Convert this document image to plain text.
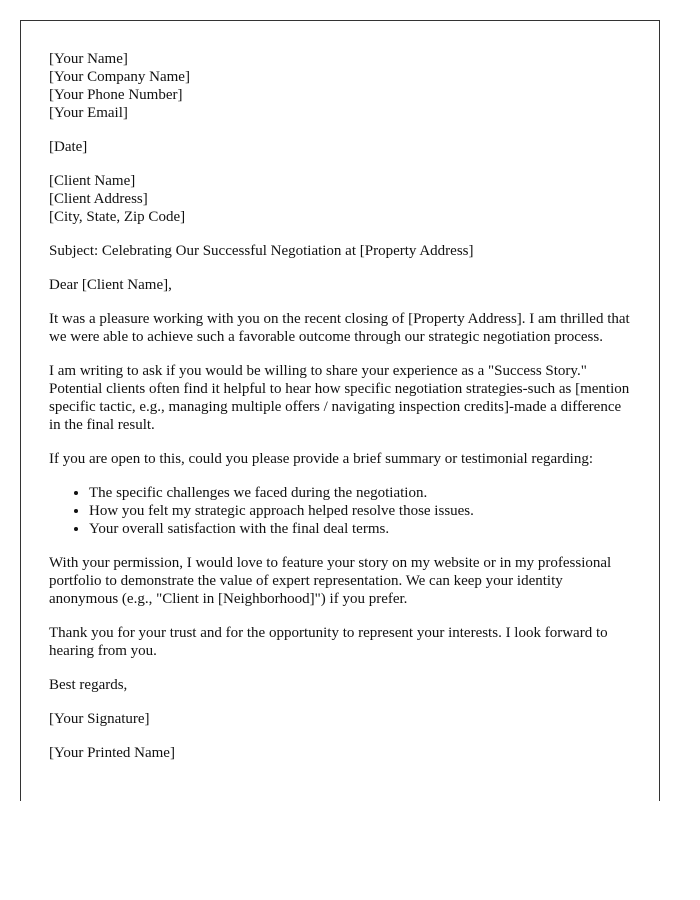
[Your Name]
[Your Company Name]
[Your Phone Number]
[Your Email]

[Date]

[Client Name]
[Client Address]
[City, State, Zip Code]

Subject: Celebrating Our Successful Negotiation at [Property Address]

Dear [Client Name],

It was a pleasure working with you on the recent closing of [Property Address]. I am thrilled that we were able to achieve such a favorable outcome through our strategic negotiation process.

I am writing to ask if you would be willing to share your experience as a "Success Story." Potential clients often find it helpful to hear how specific negotiation strategies-such as [mention specific tactic, e.g., managing multiple offers / navigating inspection credits]-made a difference in the final result.

If you are open to this, could you please provide a brief summary or testimonial regarding:

• The specific challenges we faced during the negotiation.
• How you felt my strategic approach helped resolve those issues.
• Your overall satisfaction with the final deal terms.

With your permission, I would love to feature your story on my website or in my professional portfolio to demonstrate the value of expert representation. We can keep your identity anonymous (e.g., "Client in [Neighborhood]") if you prefer.

Thank you for your trust and for the opportunity to represent your interests. I look forward to hearing from you.

Best regards,

[Your Signature]

[Your Printed Name]
